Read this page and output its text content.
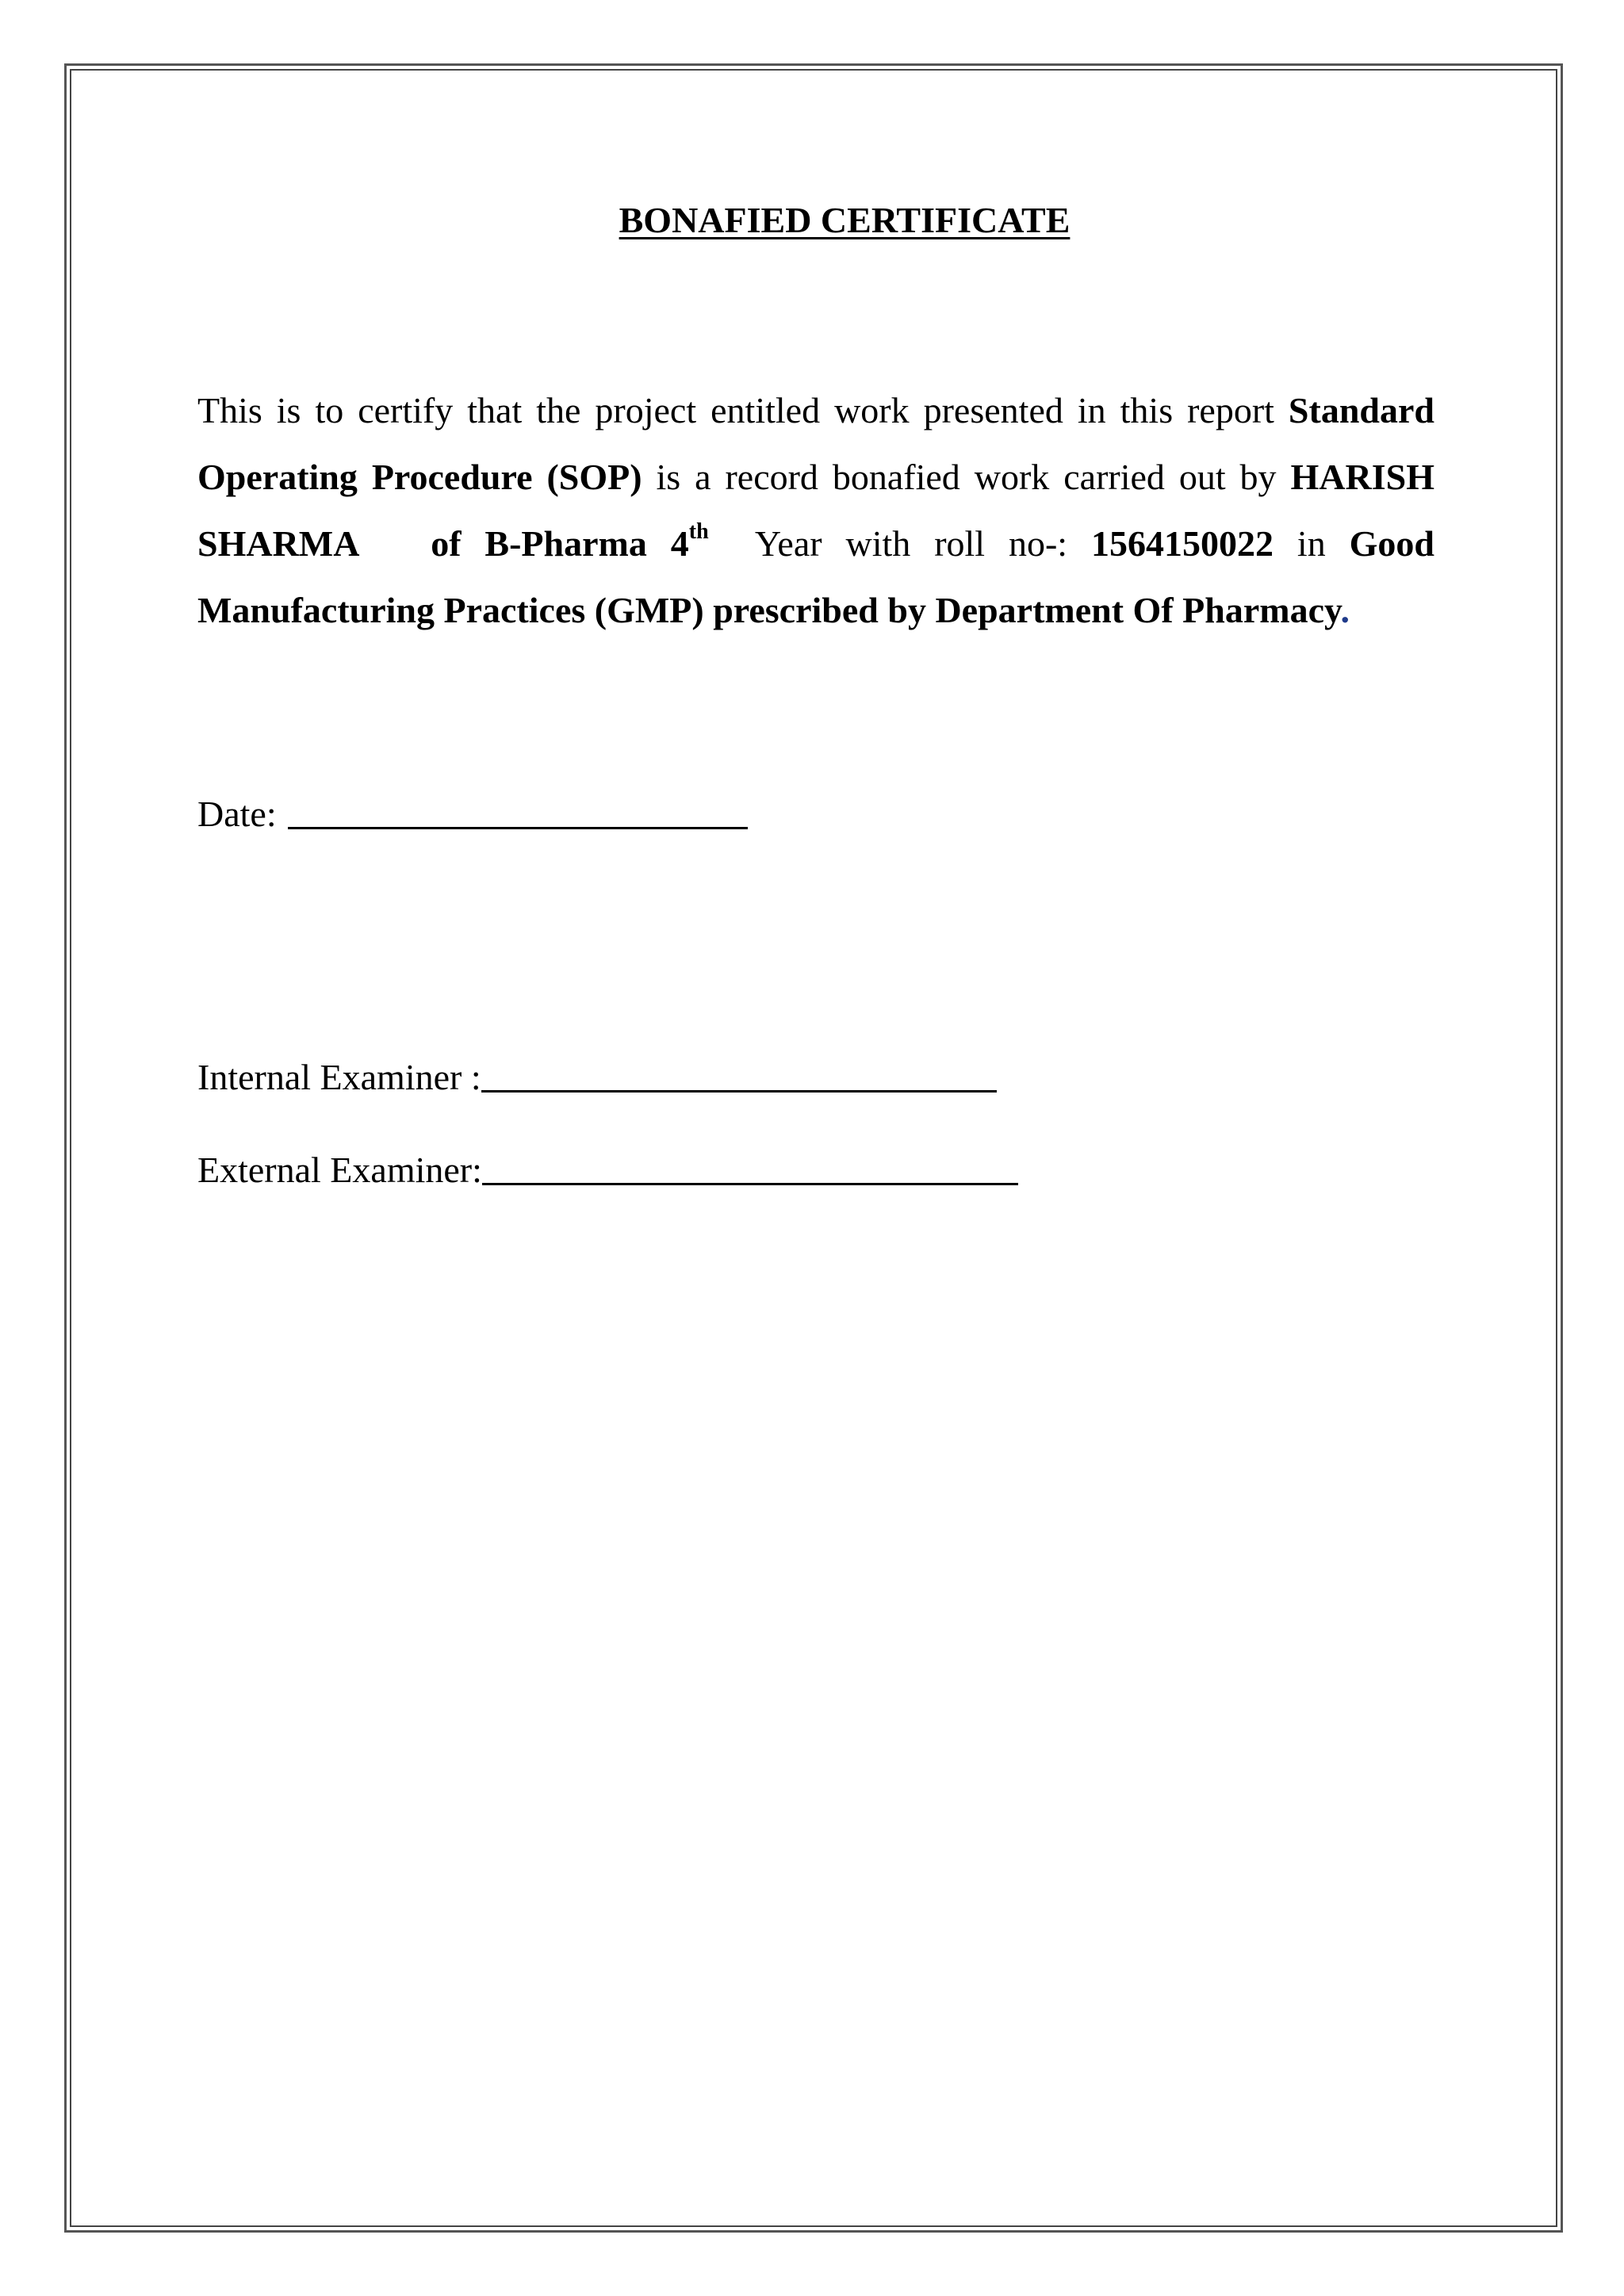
BONAFIED CERTIFICATE

This is to certify that the project entitled work presented in this report Standard Operating Procedure (SOP) is a record bonafied work carried out by HARISH SHARMA of B-Pharma 4th  Year with roll no-: 1564150022 in Good Manufacturing Practices (GMP) prescribed by Department Of Pharmacy.

Date:
Internal Examiner :
External Examiner:
